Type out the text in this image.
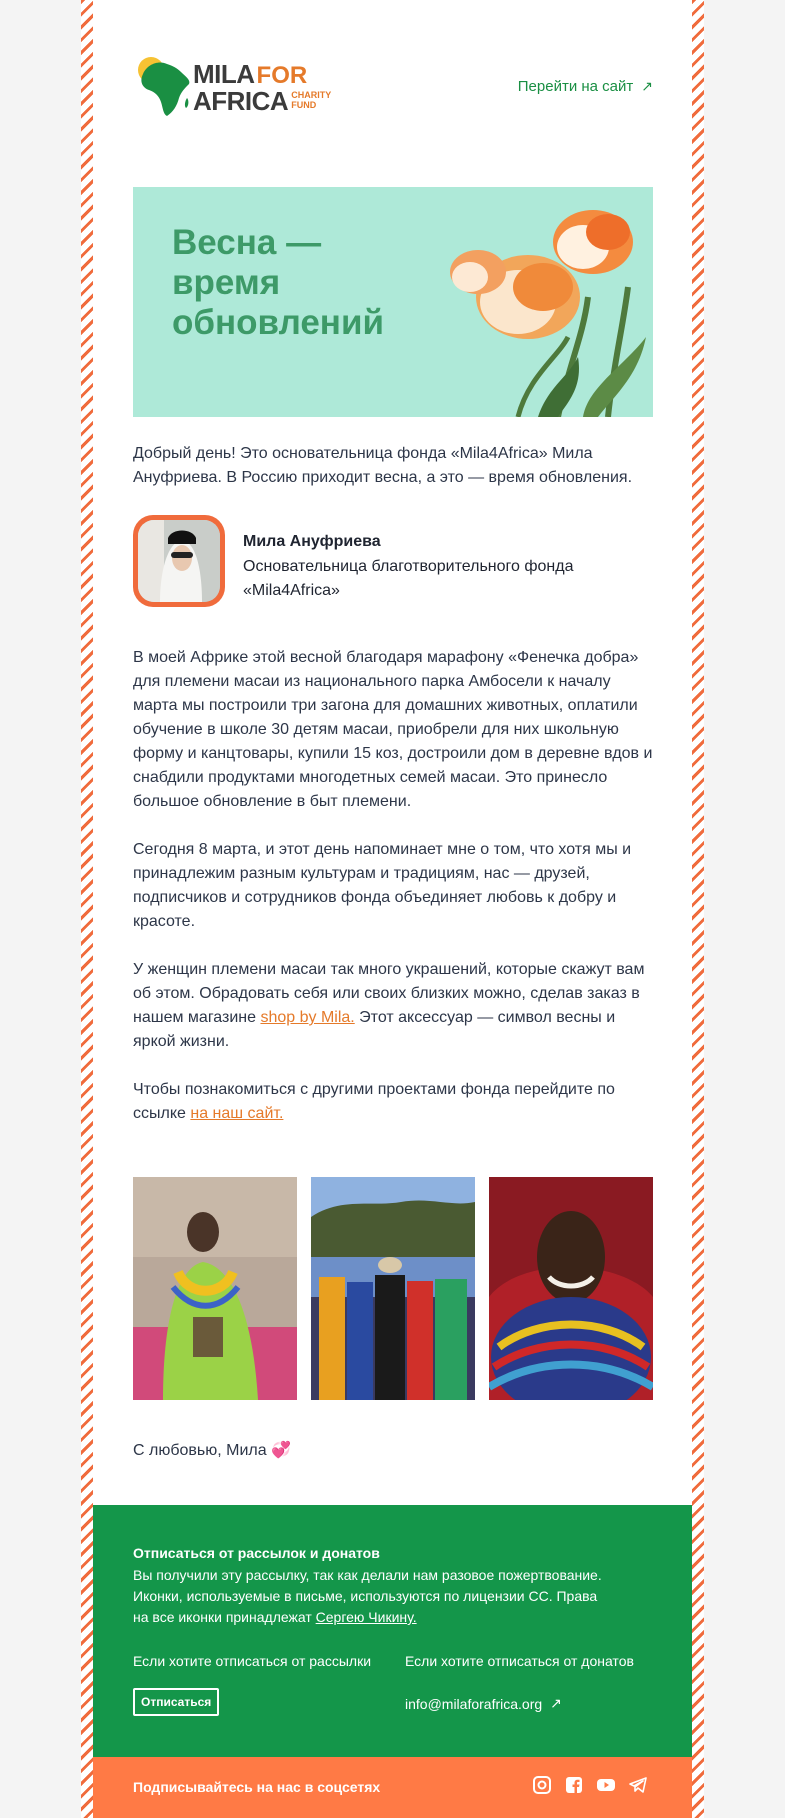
MILAFOR
AFRICA CHARITY
FUND
Перейти на сайт ↗
Весна — время обновлений
Добрый день! Это основательница фонда «Mila4Africa» Мила Ануфриева. В Россию приходит весна, а это — время обновления.
Мила Ануфриева
Основательница благотворительного фонда «Mila4Africa»

В моей Африке этой весной благодаря марафону «Фенечка добра» для племени масаи из национального парка Амбосели к началу марта мы построили три загона для домашних животных, оплатили обучение в школе 30 детям масаи, приобрели для них школьную форму и канцтовары, купили 15 коз, достроили дом в деревне вдов и снабдили продуктами многодетных семей масаи. Это принесло большое обновление в быт племени.

Сегодня 8 марта, и этот день напоминает мне о том, что хотя мы и принадлежим разным культурам и традициям, нас — друзей, подписчиков и сотрудников фонда объединяет любовь к добру и красоте.

У женщин племени масаи так много украшений, которые скажут вам об этом. Обрадовать себя или своих близких можно, сделав заказ в нашем магазине shop by Mila. Этот аксессуар — символ весны и яркой жизни.

Чтобы познакомиться с другими проектами фонда перейдите по ссылке на наш сайт.

С любовью, Мила 💞
Отписаться от рассылок и донатов
Вы получили эту рассылку, так как делали нам разовое пожертвование. Иконки, используемые в письме, используются по лицензии CC. Права на все иконки принадлежат Сергею Чикину.
Если хотите отписаться от рассылки Если хотите отписаться от донатов
Отписаться	info@milaforafrica.org ↗
Подписывайтесь на нас в соцсетях
